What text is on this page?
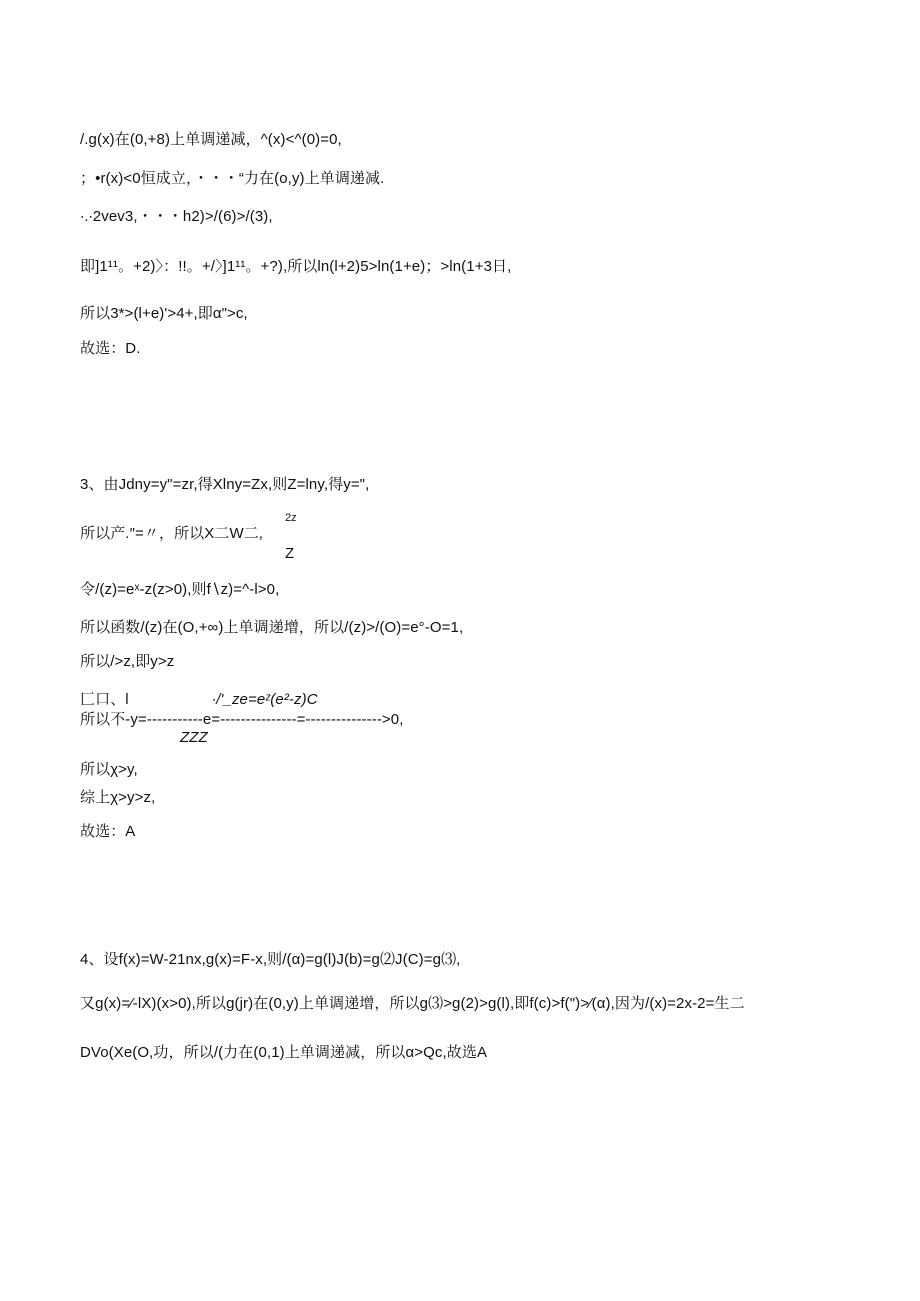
/.g(x)在(0,+8)上单调递减，^(x)<^(0)=0,
；•r(x)<0恒成立，・・・“力在(o,y)上单调递减.
∙.∙2vev3,・・・h2)>/(6)>/(3),
即]1¹¹。+2)〉：!!。+/〉]1¹¹。+?),所以ln(l+2)5>ln(1+e)；>ln(1+3日,
所以3*>(l+e)'>4+,即α">c,
故选：D.
3、由Jdny=y"=zr,得Xlny=Zx,则Z=lny,得y=",
2z
所以产.″=〃，所以X二W二,
Z
令/(z)=eˣ-z(z>0),则f∖z)=^-l>0,
所以函数/(z)在(O,+∞)上单调递增，所以/(z)>/(O)=e°-O=1,
所以/>z,即y>z
匚口、l	∙/'_ze=eᶻ(e²-z)C
所以不-y=-----------e=---------------=--------------->0,
ZZZ
所以χ>y,
综上χ>y>z,
故选：A
4、设f(x)=W-21nx,g(x)=F-x,则/(α)=g(l)J(b)=g⑵J(C)=g⑶,
又g(x)=⁄-lX)(x>0),所以g(jr)在(0,y)上单调递增，所以g⑶>g(2)>g(l),即f(c)>f(")>⁄(α),因为/(x)=2x-2=生二
DVo(Xe(O,功，所以/(力在(0,1)上单调递减，所以α>Qc,故选A
